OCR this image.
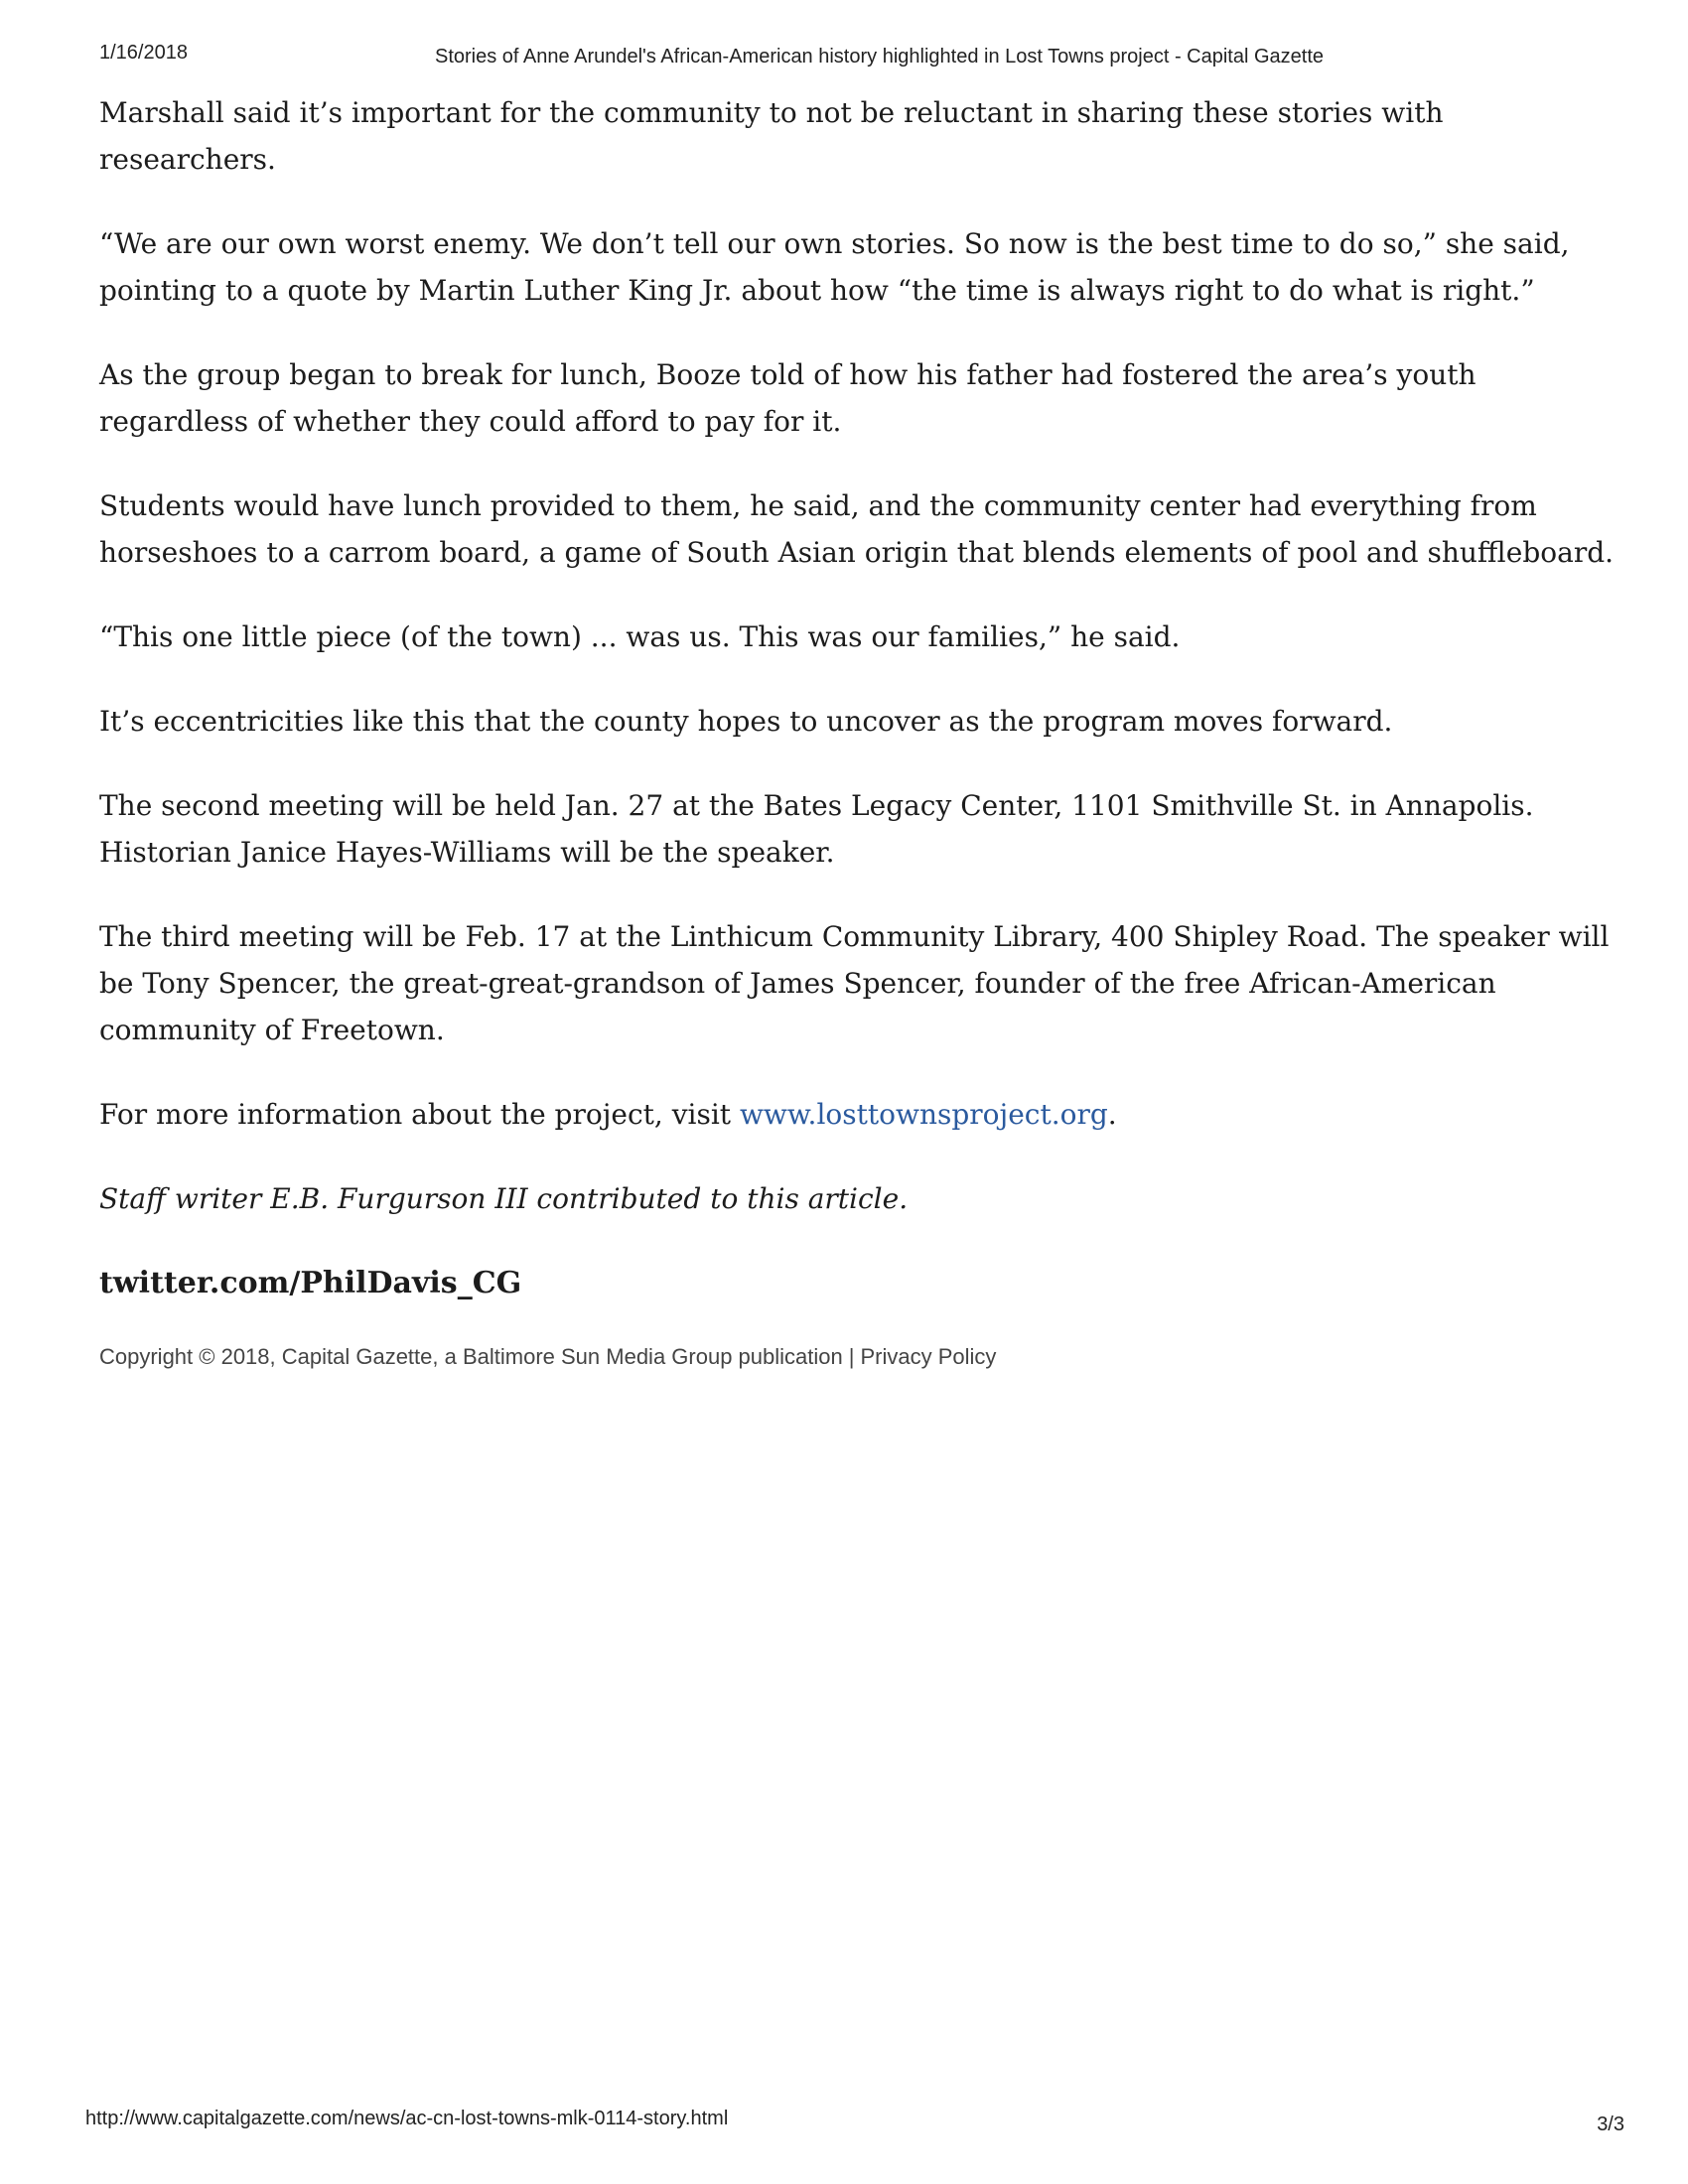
1/16/2018	Stories of Anne Arundel's African-American history highlighted in Lost Towns project - Capital Gazette

Marshall said it’s important for the community to not be reluctant in sharing these stories with researchers.

“We are our own worst enemy. We don’t tell our own stories. So now is the best time to do so,” she said, pointing to a quote by Martin Luther King Jr. about how “the time is always right to do what is right.”

As the group began to break for lunch, Booze told of how his father had fostered the area’s youth regardless of whether they could afford to pay for it.

Students would have lunch provided to them, he said, and the community center had everything from horseshoes to a carrom board, a game of South Asian origin that blends elements of pool and shuffleboard.

“This one little piece (of the town) ... was us. This was our families,” he said.

It’s eccentricities like this that the county hopes to uncover as the program moves forward.

The second meeting will be held Jan. 27 at the Bates Legacy Center, 1101 Smithville St. in Annapolis. Historian Janice Hayes-Williams will be the speaker.

The third meeting will be Feb. 17 at the Linthicum Community Library, 400 Shipley Road. The speaker will be Tony Spencer, the great-great-grandson of James Spencer, founder of the free African-American community of Freetown.

For more information about the project, visit www.losttownsproject.org.

Staff writer E.B. Furgurson III contributed to this article.

twitter.com/PhilDavis_CG

Copyright © 2018, Capital Gazette, a Baltimore Sun Media Group publication | Privacy Policy
http://www.capitalgazette.com/news/ac-cn-lost-towns-mlk-0114-story.html	3/3
